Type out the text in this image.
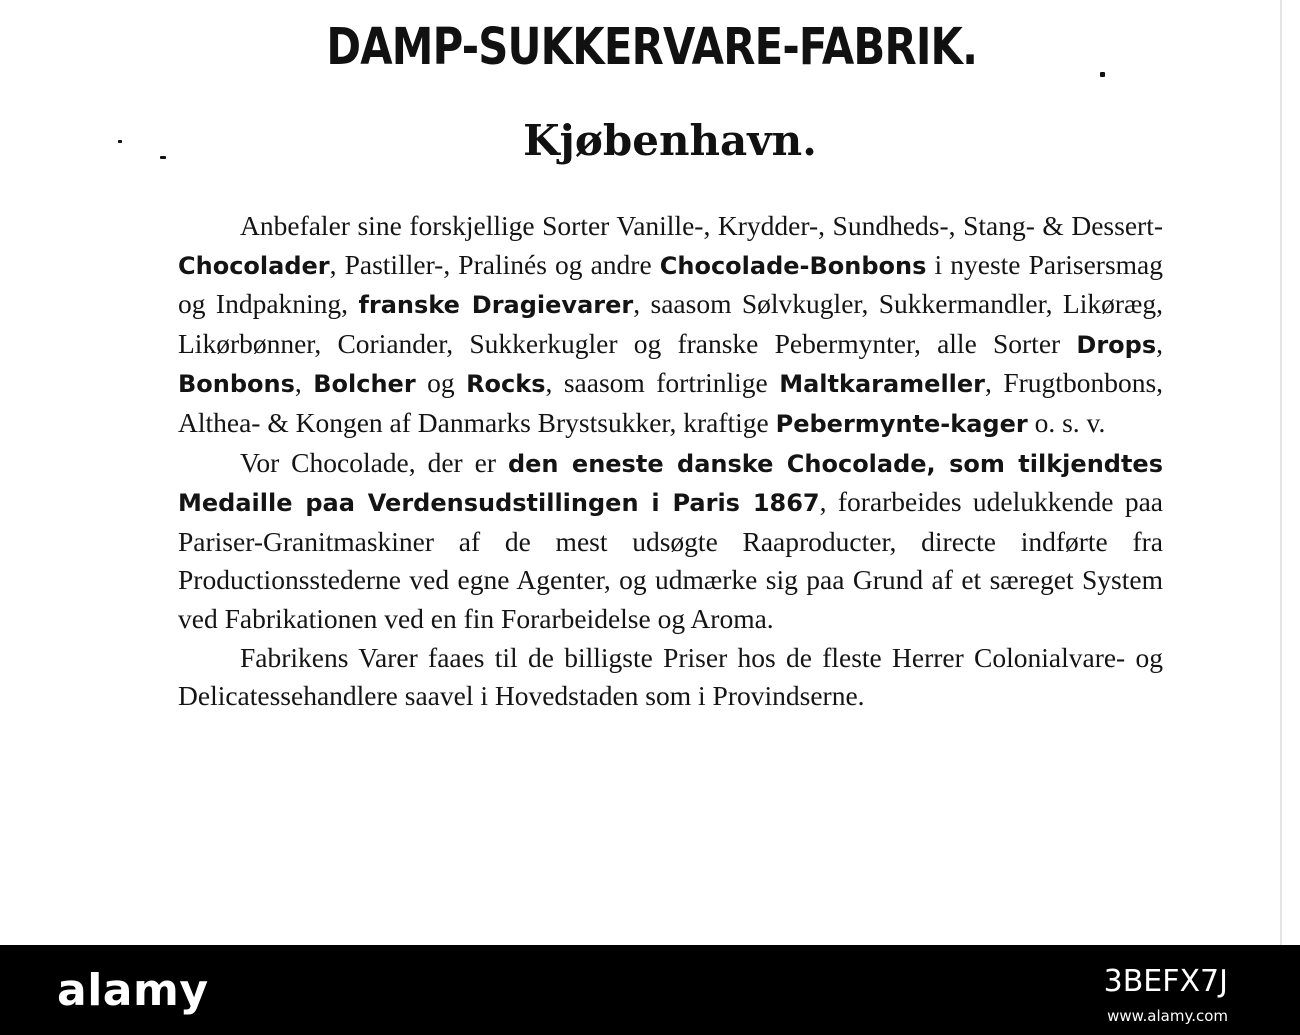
DAMP-SUKKERVARE-FABRIK.
Kjøbenhavn.

Anbefaler sine forskjellige Sorter Vanille-, Krydder-, Sundheds-, Stang- & Dessert-Chocolader, Pastiller-, Pralinés og andre Chocolade-Bonbons i nyeste Parisersmag og Indpakning, franske Dragievarer, saasom Sølvkugler, Sukkermandler, Likøræg, Likørbønner, Coriander, Sukkerkugler og franske Pebermynter, alle Sorter Drops, Bonbons, Bolcher og Rocks, saasom fortrinlige Maltkarameller, Frugtbonbons, Althea- & Kongen af Danmarks Brystsukker, kraftige Pebermynte-kager o. s. v.

Vor Chocolade, der er den eneste danske Chocolade, som tilkjendtes Medaille paa Verdensudstillingen i Paris 1867, forarbeides udelukkende paa Pariser-Granitmaskiner af de mest udsøgte Raaproducter, directe indførte fra Productionsstederne ved egne Agenter, og udmærke sig paa Grund af et særeget System ved Fabrikationen ved en fin Forarbeidelse og Aroma.

Fabrikens Varer faaes til de billigste Priser hos de fleste Herrer Colonialvare- og Delicatessehandlere saavel i Hovedstaden som i Provindserne.

alamy	3BEFX7J
www.alamy.com
